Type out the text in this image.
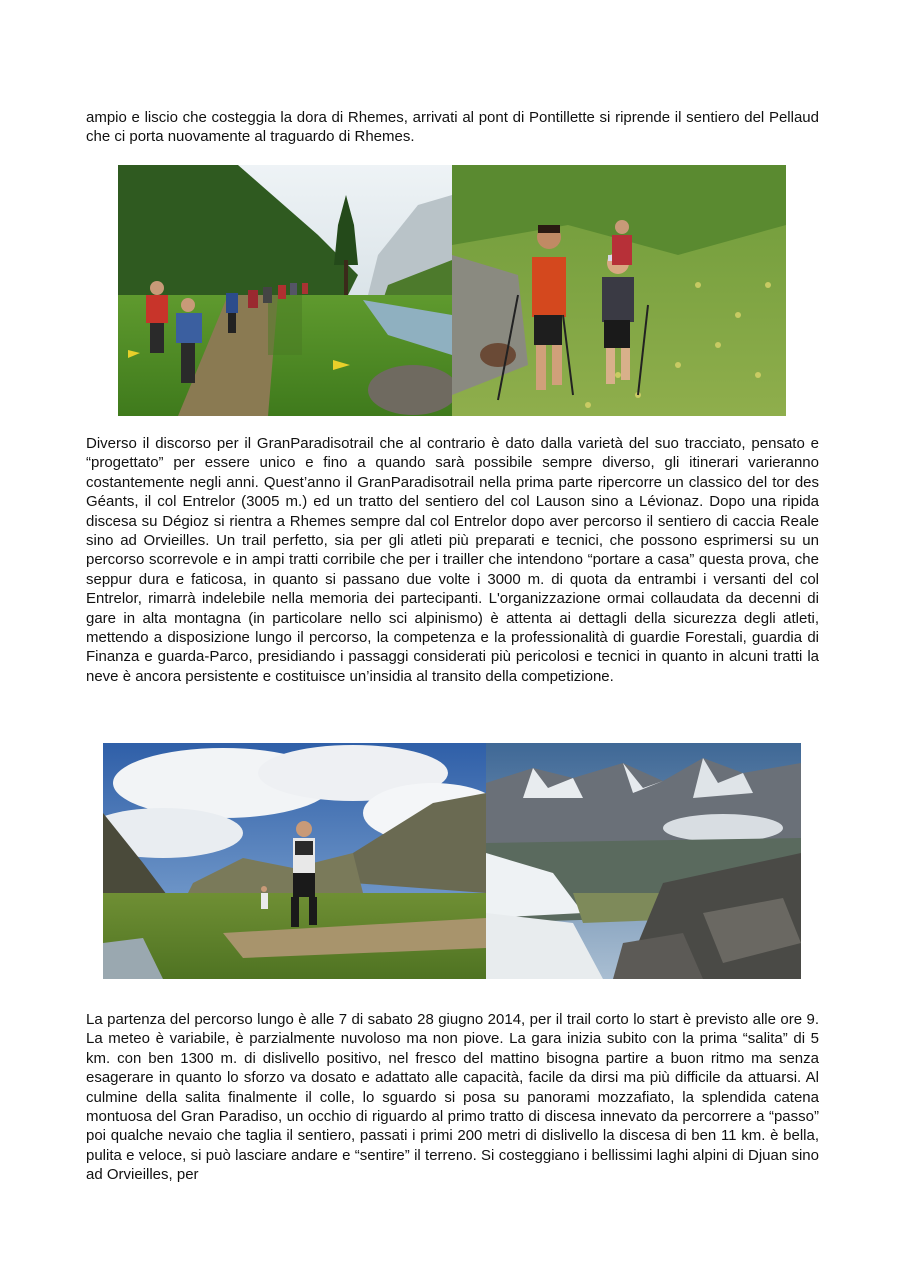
ampio e liscio che costeggia la dora di Rhemes, arrivati al pont di Pontillette si riprende il sentiero del Pellaud che ci porta nuovamente al traguardo di Rhemes.

Diverso il discorso per il GranParadisotrail che al contrario è dato dalla varietà del suo tracciato, pensato e “progettato” per essere unico e fino a quando sarà possibile sempre diverso, gli itinerari varieranno costantemente negli anni. Quest’anno il GranParadisotrail nella prima parte ripercorre un classico del tor des Géants, il col Entrelor (3005 m.) ed un tratto del sentiero del col Lauson sino a Lévionaz. Dopo una ripida discesa su Dégioz si rientra a Rhemes sempre dal col Entrelor dopo aver percorso il sentiero di caccia Reale sino ad Orvieilles. Un trail perfetto, sia per gli atleti più preparati e tecnici, che possono esprimersi su un percorso scorrevole e in ampi tratti corribile che per i trailler che intendono “portare a casa” questa prova, che seppur dura e faticosa, in quanto si passano due volte i 3000 m. di quota da entrambi i versanti del col Entrelor, rimarrà indelebile nella memoria dei partecipanti. L'organizzazione ormai collaudata da decenni di gare in alta montagna (in particolare nello sci alpinismo) è attenta ai dettagli della sicurezza degli atleti, mettendo a disposizione lungo il percorso, la competenza e la professionalità di guardie Forestali, guardia di Finanza e guarda-Parco, presidiando i passaggi considerati più pericolosi e tecnici in quanto in alcuni tratti la neve è ancora persistente e costituisce un’insidia al transito della competizione.

La partenza del percorso lungo è alle 7 di sabato 28 giugno 2014, per il trail corto lo start è previsto alle ore 9. La meteo è variabile, è parzialmente nuvoloso ma non piove. La gara inizia subito con la prima “salita” di 5 km. con ben 1300 m. di dislivello positivo, nel fresco del mattino bisogna partire a buon ritmo ma senza esagerare in quanto lo sforzo va dosato e adattato alle capacità, facile da dirsi ma più difficile da attuarsi. Al culmine della salita finalmente il colle, lo sguardo si posa su panorami mozzafiato, la splendida catena montuosa del Gran Paradiso, un occhio di riguardo al primo tratto di discesa innevato da percorrere a “passo” poi qualche nevaio che taglia il sentiero, passati i primi 200 metri di dislivello la discesa di ben 11 km. è bella, pulita e veloce, si può lasciare andare e “sentire” il terreno. Si costeggiano i bellissimi laghi alpini di Djuan sino ad Orvieilles, per
